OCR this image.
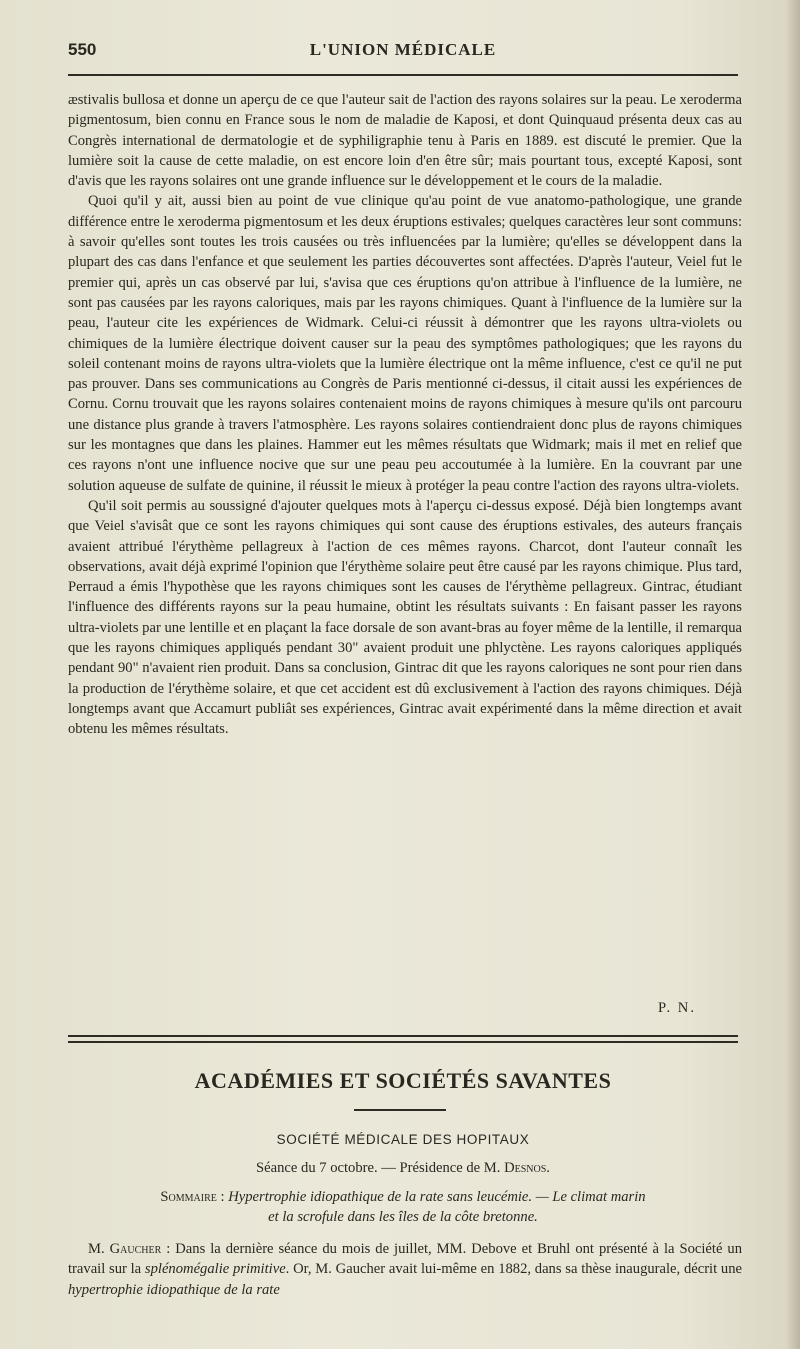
550	L'UNION MÉDICALE

æstivalis bullosa et donne un aperçu de ce que l'auteur sait de l'action des rayons solaires sur la peau. Le xeroderma pigmentosum, bien connu en France sous le nom de maladie de Kaposi, et dont Quinquaud présenta deux cas au Congrès international de dermatologie et de syphiligraphie tenu à Paris en 1889. est discuté le premier. Que la lumière soit la cause de cette maladie, on est encore loin d'en être sûr; mais pourtant tous, excepté Kaposi, sont d'avis que les rayons solaires ont une grande influence sur le développement et le cours de la maladie.

Quoi qu'il y ait, aussi bien au point de vue clinique qu'au point de vue anatomo-pathologique, une grande différence entre le xeroderma pigmentosum et les deux éruptions estivales; quelques caractères leur sont communs: à savoir qu'elles sont toutes les trois causées ou très influencées par la lumière; qu'elles se développent dans la plupart des cas dans l'enfance et que seulement les parties découvertes sont affectées. D'après l'auteur, Veiel fut le premier qui, après un cas observé par lui, s'avisa que ces éruptions qu'on attribue à l'influence de la lumière, ne sont pas causées par les rayons caloriques, mais par les rayons chimiques. Quant à l'influence de la lumière sur la peau, l'auteur cite les expériences de Widmark. Celui-ci réussit à démontrer que les rayons ultra-violets ou chimiques de la lumière électrique doivent causer sur la peau des symptômes pathologiques; que les rayons du soleil contenant moins de rayons ultra-violets que la lumière électrique ont la même influence, c'est ce qu'il ne put pas prouver. Dans ses communications au Congrès de Paris mentionné ci-dessus, il citait aussi les expériences de Cornu. Cornu trouvait que les rayons solaires contenaient moins de rayons chimiques à mesure qu'ils ont parcouru une distance plus grande à travers l'atmosphère. Les rayons solaires contiendraient donc plus de rayons chimiques sur les montagnes que dans les plaines. Hammer eut les mêmes résultats que Widmark; mais il met en relief que ces rayons n'ont une influence nocive que sur une peau peu accoutumée à la lumière. En la couvrant par une solution aqueuse de sulfate de quinine, il réussit le mieux à protéger la peau contre l'action des rayons ultra-violets.

Qu'il soit permis au soussigné d'ajouter quelques mots à l'aperçu ci-dessus exposé. Déjà bien longtemps avant que Veiel s'avisât que ce sont les rayons chimiques qui sont cause des éruptions estivales, des auteurs français avaient attribué l'érythème pellagreux à l'action de ces mêmes rayons. Charcot, dont l'auteur connaît les observations, avait déjà exprimé l'opinion que l'érythème solaire peut être causé par les rayons chimique. Plus tard, Perraud a émis l'hypothèse que les rayons chimiques sont les causes de l'érythème pellagreux. Gintrac, étudiant l'influence des différents rayons sur la peau humaine, obtint les résultats suivants : En faisant passer les rayons ultra-violets par une lentille et en plaçant la face dorsale de son avant-bras au foyer même de la lentille, il remarqua que les rayons chimiques appliqués pendant 30" avaient produit une phlyctène. Les rayons caloriques appliqués pendant 90" n'avaient rien produit. Dans sa conclusion, Gintrac dit que les rayons caloriques ne sont pour rien dans la production de l'érythème solaire, et que cet accident est dû exclusivement à l'action des rayons chimiques. Déjà longtemps avant que Accamurt publiât ses expériences, Gintrac avait expérimenté dans la même direction et avait obtenu les mêmes résultats.

P. N.
ACADÉMIES ET SOCIÉTÉS SAVANTES
SOCIÉTÉ MÉDICALE DES HOPITAUX
Séance du 7 octobre. — Présidence de M. Desnos.
Sommaire : Hypertrophie idiopathique de la rate sans leucémie. — Le climat marin
et la scrofule dans les îles de la côte bretonne.
M. Gaucher : Dans la dernière séance du mois de juillet, MM. Debove et Bruhl ont présenté à la Société un travail sur la splénomégalie primitive. Or, M. Gaucher avait lui-même en 1882, dans sa thèse inaugurale, décrit une hypertrophie idiopathique de la rate
